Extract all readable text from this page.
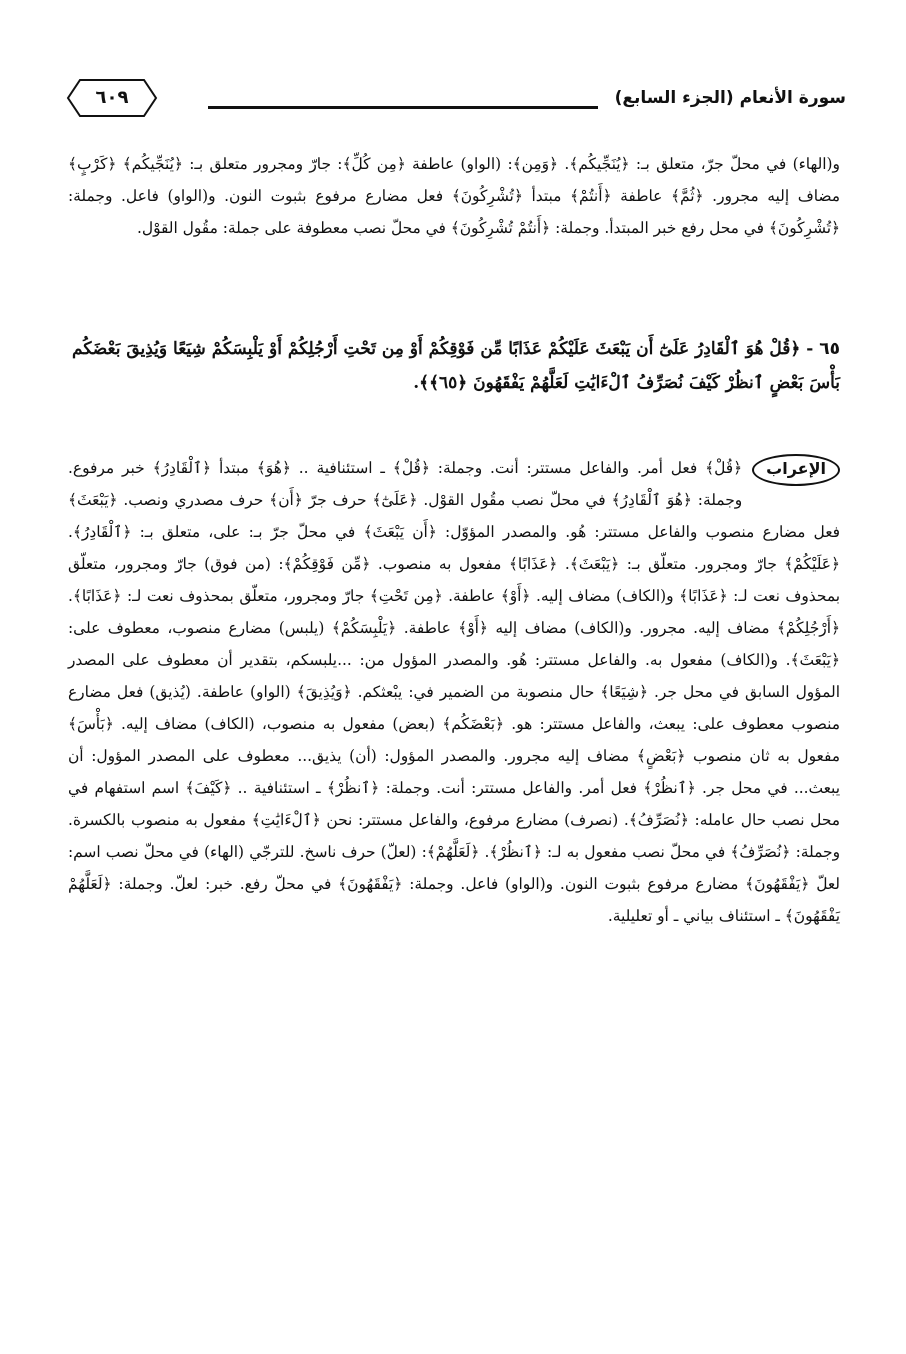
سورة الأنعام (الجزء السابع)
٦٠٩
و(الهاء) في محلّ جرّ، متعلق بـ: ﴿يُنَجِّيكُم﴾. ﴿وَمِن﴾: (الواو) عاطفة ﴿مِن كُلِّ﴾: جارّ ومجرور متعلق بـ: ﴿يُنَجِّيكُم﴾ ﴿كَرْبٍ﴾ مضاف إليه مجرور. ﴿ثُمَّ﴾ عاطفة ﴿أَنتُمْ﴾ مبتدأ ﴿تُشْرِكُونَ﴾ فعل مضارع مرفوع بثبوت النون. و(الواو) فاعل. وجملة: ﴿تُشْرِكُونَ﴾ في محل رفع خبر المبتدأ. وجملة: ﴿أَنتُمْ تُشْرِكُونَ﴾ في محلّ نصب معطوفة على جملة: مقُول القوْل.
٦٥ - ﴿قُلْ هُوَ ٱلْقَادِرُ عَلَىٰٓ أَن يَبْعَثَ عَلَيْكُمْ عَذَابًا مِّن فَوْقِكُمْ أَوْ مِن تَحْتِ أَرْجُلِكُمْ أَوْ يَلْبِسَكُمْ شِيَعًا وَيُذِيقَ بَعْضَكُم بَأْسَ بَعْضٍ ٱنظُرْ كَيْفَ نُصَرِّفُ ٱلْءَايَٰتِ لَعَلَّهُمْ يَفْقَهُونَ ﴿٦٥﴾﴾.
الإعراب
﴿قُلْ﴾ فعل أمر. والفاعل مستتر: أنت. وجملة: ﴿قُلْ﴾ ـ استئنافية .. ﴿هُوَ﴾ مبتدأ ﴿ٱلْقَادِرُ﴾ خبر مرفوع. وجملة: ﴿هُوَ ٱلْقَادِرُ﴾ في محلّ نصب مقُول القوْل. ﴿عَلَىٰٓ﴾ حرف جرّ ﴿أَن﴾ حرف مصدري ونصب. ﴿يَبْعَثَ﴾ فعل مضارع منصوب والفاعل مستتر: هُو. والمصدر المؤوّل: ﴿أَن يَبْعَثَ﴾ في محلّ جرّ بـ: على، متعلق بـ: ﴿ٱلْقَادِرُ﴾. ﴿عَلَيْكُمْ﴾ جارّ ومجرور. متعلّق بـ: ﴿يَبْعَثَ﴾. ﴿عَذَابًا﴾ مفعول به منصوب. ﴿مِّن فَوْقِكُمْ﴾: (من فوق) جارّ ومجرور، متعلّق بمحذوف نعت لـ: ﴿عَذَابًا﴾ و(الكاف) مضاف إليه. ﴿أَوْ﴾ عاطفة. ﴿مِن تَحْتِ﴾ جارّ ومجرور، متعلّق بمحذوف نعت لـ: ﴿عَذَابًا﴾. ﴿أَرْجُلِكُمْ﴾ مضاف إليه. مجرور. و(الكاف) مضاف إليه ﴿أَوْ﴾ عاطفة. ﴿يَلْبِسَكُمْ﴾ (يلبس) مضارع منصوب، معطوف على: ﴿يَبْعَثَ﴾. و(الكاف) مفعول به. والفاعل مستتر: هُو. والمصدر المؤول من: ...يلبسكم، بتقدير أن معطوف على المصدر المؤول السابق في محل جر. ﴿شِيَعًا﴾ حال منصوبة من الضمير في: يبْعثكم. ﴿وَيُذِيقَ﴾ (الواو) عاطفة. (يُذيق) فعل مضارع منصوب معطوف على: يبعث، والفاعل مستتر: هو. ﴿بَعْضَكُم﴾ (بعض) مفعول به منصوب، (الكاف) مضاف إليه. ﴿بَأْسَ﴾ مفعول به ثان منصوب ﴿بَعْضٍ﴾ مضاف إليه مجرور. والمصدر المؤول: (أن) يذيق... معطوف على المصدر المؤول: أن يبعث... في محل جر. ﴿ٱنظُرْ﴾ فعل أمر. والفاعل مستتر: أنت. وجملة: ﴿ٱنظُرْ﴾ ـ استئنافية .. ﴿كَيْفَ﴾ اسم استفهام في محل نصب حال عامله: ﴿نُصَرِّفُ﴾. (نصرف) مضارع مرفوع، والفاعل مستتر: نحن ﴿ٱلْءَايَٰتِ﴾ مفعول به منصوب بالكسرة. وجملة: ﴿نُصَرِّفُ﴾ في محلّ نصب مفعول به لـ: ﴿ٱنظُرْ﴾. ﴿لَعَلَّهُمْ﴾: (لعلّ) حرف ناسخ. للترجّي (الهاء) في محلّ نصب اسم: لعلّ ﴿يَفْقَهُونَ﴾ مضارع مرفوع بثبوت النون. و(الواو) فاعل. وجملة: ﴿يَفْقَهُونَ﴾ في محلّ رفع. خبر: لعلّ. وجملة: ﴿لَعَلَّهُمْ يَفْقَهُونَ﴾ ـ استئناف بياني ـ أو تعليلية.
